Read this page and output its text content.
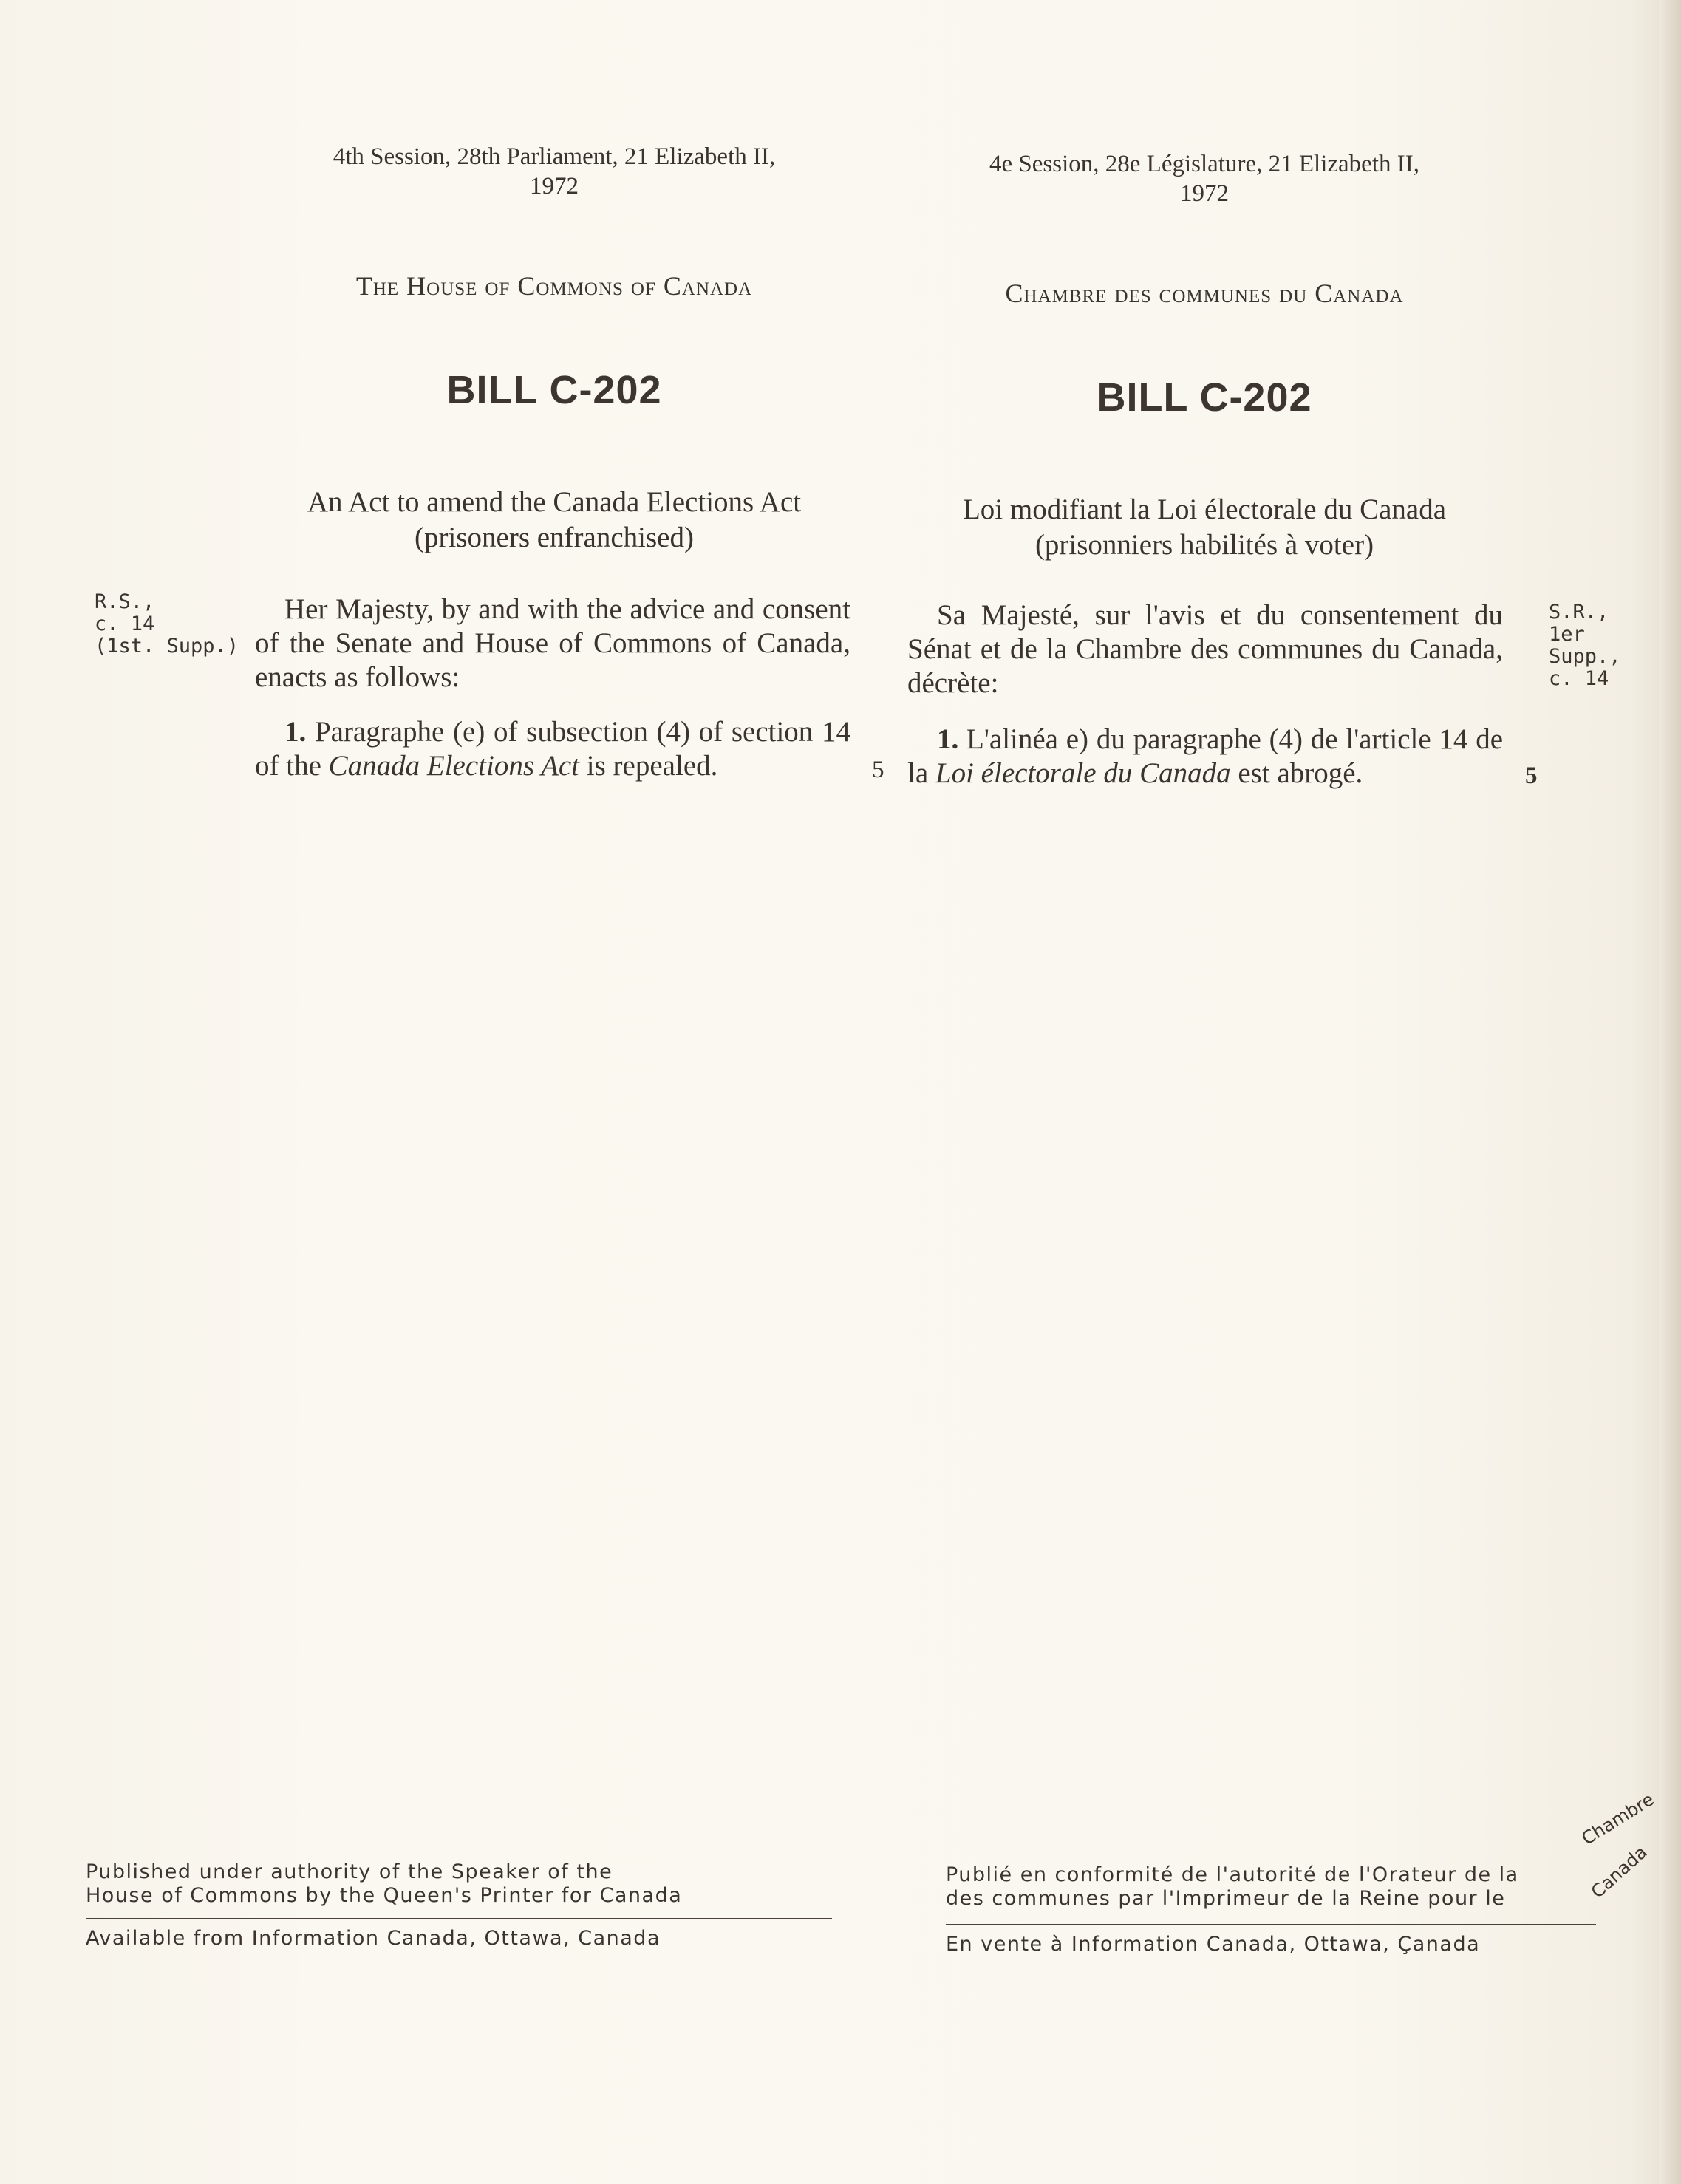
4th Session, 28th Parliament, 21 Elizabeth II,
1972
The House of Commons of Canada
BILL C-202
An Act to amend the Canada Elections Act
(prisoners enfranchised)
R.S.,
c. 14
(1st. Supp.)
Her Majesty, by and with the advice and consent of the Senate and House of Commons of Canada, enacts as follows:
1. Paragraphe (e) of subsection (4) of section 14 of the Canada Elections Act is repealed.	5
Published under authority of the Speaker of the
House of Commons by the Queen's Printer for Canada
Available from Information Canada, Ottawa, Canada
4e Session, 28e Législature, 21 Elizabeth II,
1972
Chambre des communes du Canada
BILL C-202
Loi modifiant la Loi électorale du Canada
(prisonniers habilités à voter)
Sa Majesté, sur l'avis et du consentement du Sénat et de la Chambre des communes du Canada, décrète:
S.R.,
1er Supp.,
c. 14
1. L'alinéa e) du paragraphe (4) de l'article 14 de la Loi électorale du Canada est abrogé.	5
Publié en conformité de l'autorité de l'Orateur de la
des communes par l'Imprimeur de la Reine pour le
Chambre
Canada
En vente à Information Canada, Ottawa, Çanada
